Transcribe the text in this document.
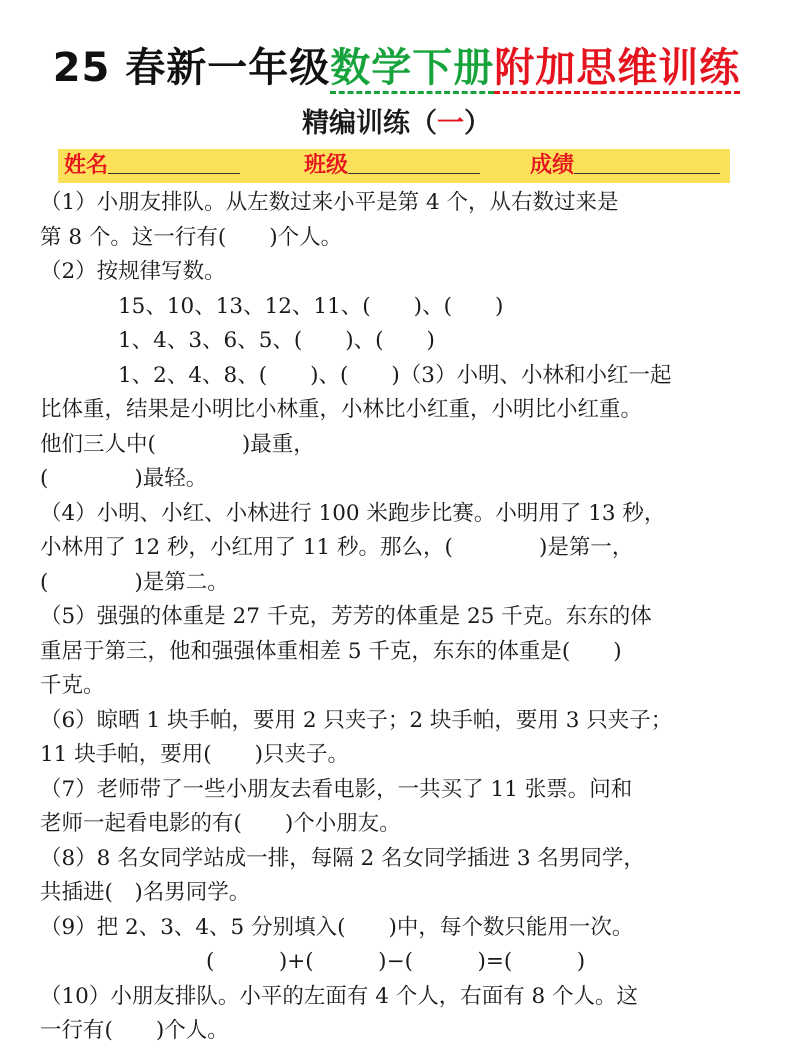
25 春新一年级数学下册附加思维训练
精编训练（一）
姓名	班级	成绩
（1）小朋友排队。从左数过来小平是第 4 个，从右数过来是
第 8 个。这一行有(　　)个人。
（2）按规律写数。
15、10、13、12、11、(　　)、(　　)
1、4、3、6、5、(　　)、(　　)
1、2、4、8、(　　)、(　　)（3）小明、小林和小红一起
比体重，结果是小明比小林重，小林比小红重，小明比小红重。
他们三人中(　　　　)最重，
(　　　　)最轻。
（4）小明、小红、小林进行 100 米跑步比赛。小明用了 13 秒，
小林用了 12 秒，小红用了 11 秒。那么，(　　　　)是第一，
(　　　　)是第二。
（5）强强的体重是 27 千克，芳芳的体重是 25 千克。东东的体
重居于第三，他和强强体重相差 5 千克，东东的体重是(　　)
千克。
（6）晾晒 1 块手帕，要用 2 只夹子；2 块手帕，要用 3 只夹子；
11 块手帕，要用(　　)只夹子。
（7）老师带了一些小朋友去看电影，一共买了 11 张票。问和
老师一起看电影的有(　　)个小朋友。
（8）8 名女同学站成一排，每隔 2 名女同学插进 3 名男同学，
共插进(　)名男同学。
（9）把 2、3、4、5 分别填入(　　)中，每个数只能用一次。
(　　　)+(　　　)−(　　　)=(　　　)
（10）小朋友排队。小平的左面有 4 个人，右面有 8 个人。这
一行有(　　)个人。
